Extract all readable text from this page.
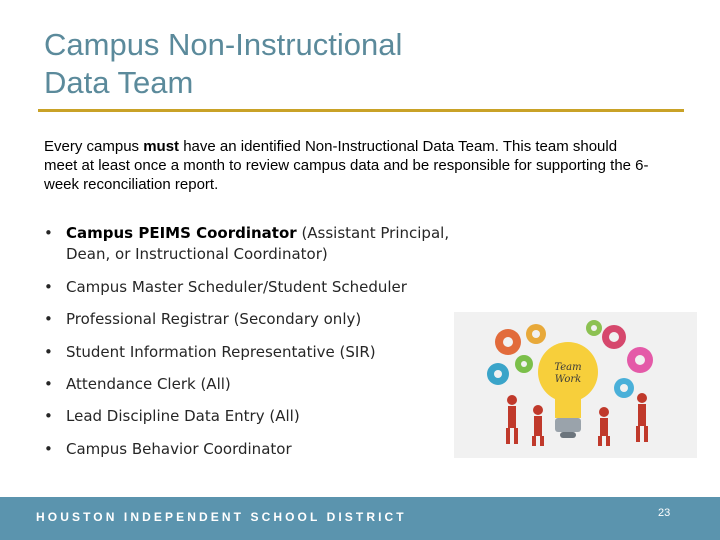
Campus Non-Instructional
Data Team

Every campus must have an identified Non-Instructional Data Team. This team should meet at least once a month to review campus data and be responsible for supporting the 6-week reconciliation report.

• Campus PEIMS Coordinator (Assistant Principal,
Dean, or Instructional Coordinator)
• Campus Master Scheduler/Student Scheduler
• Professional Registrar (Secondary only)
• Student Information Representative (SIR)
• Attendance Clerk (All)
• Lead Discipline Data Entry (All)
• Campus Behavior Coordinator
Team
Work
HOUSTON INDEPENDENT SCHOOL DISTRICT	23
